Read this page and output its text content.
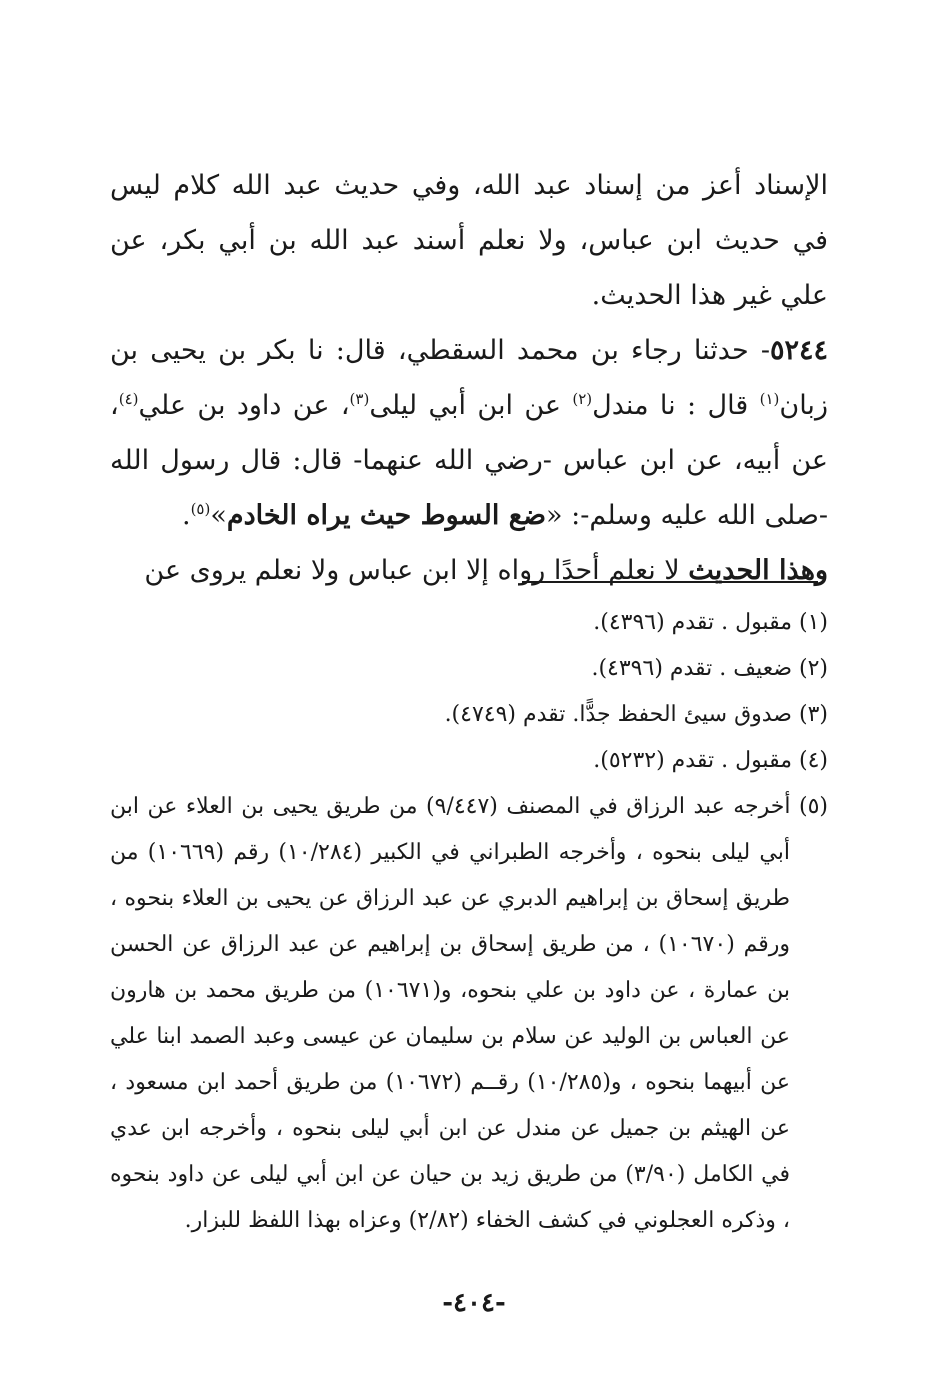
الإسناد أعز من إسناد عبد الله، وفي حديث عبد الله كلام ليس في حديث ابن عباس، ولا نعلم أسند عبد الله بن أبي بكر، عن علي غير هذا الحديث.

٥٢٤٤- حدثنا رجاء بن محمد السقطي، قال: نا بكر بن يحيى بن زبان$^{(١)}$ قال : نا مندل$^{(٢)}$ عن ابن أبي ليلى$^{(٣)}$، عن داود بن علي$^{(٤)}$، عن أبيه، عن ابن عباس -رضي الله عنهما- قال: قال رسول الله -صلى الله عليه وسلم-: «ضع السوط حيث يراه الخادم»$^{(٥)}$.

وهذا الحديث لا نعلم أحدًا رواه إلا ابن عباس ولا نعلم يروى عن

(١) مقبول . تقدم (٤٣٩٦).

(٢) ضعيف . تقدم (٤٣٩٦).

(٣) صدوق سيئ الحفظ جدًّا. تقدم (٤٧٤٩).

(٤) مقبول . تقدم (٥٢٣٢).

(٥) أخرجه عبد الرزاق في المصنف (٩/٤٤٧) من طريق يحيى بن العلاء عن ابن أبي ليلى بنحوه ، وأخرجه الطبراني في الكبير (١٠/٢٨٤) رقم (١٠٦٦٩) من طريق إسحاق بن إبراهيم الدبري عن عبد الرزاق عن يحيى بن العلاء بنحوه ، ورقم (١٠٦٧٠) ، من طريق إسحاق بن إبراهيم عن عبد الرزاق عن الحسن بن عمارة ، عن داود بن علي بنحوه، و(١٠٦٧١) من طريق محمد بن هارون عن العباس بن الوليد عن سلام بن سليمان عن عيسى وعبد الصمد ابنا علي عن أبيهما بنحوه ، و(١٠/٢٨٥) رقــم (١٠٦٧٢) من طريق أحمد ابن مسعود ، عن الهيثم بن جميل عن مندل عن ابن أبي ليلى بنحوه ، وأخرجه ابن عدي في الكامل (٣/٩٠) من طريق زيد بن حيان عن ابن أبي ليلى عن داود بنحوه ، وذكره العجلوني في كشف الخفاء (٢/٨٢) وعزاه بهذا اللفظ للبزار.

-٤٠٤-
